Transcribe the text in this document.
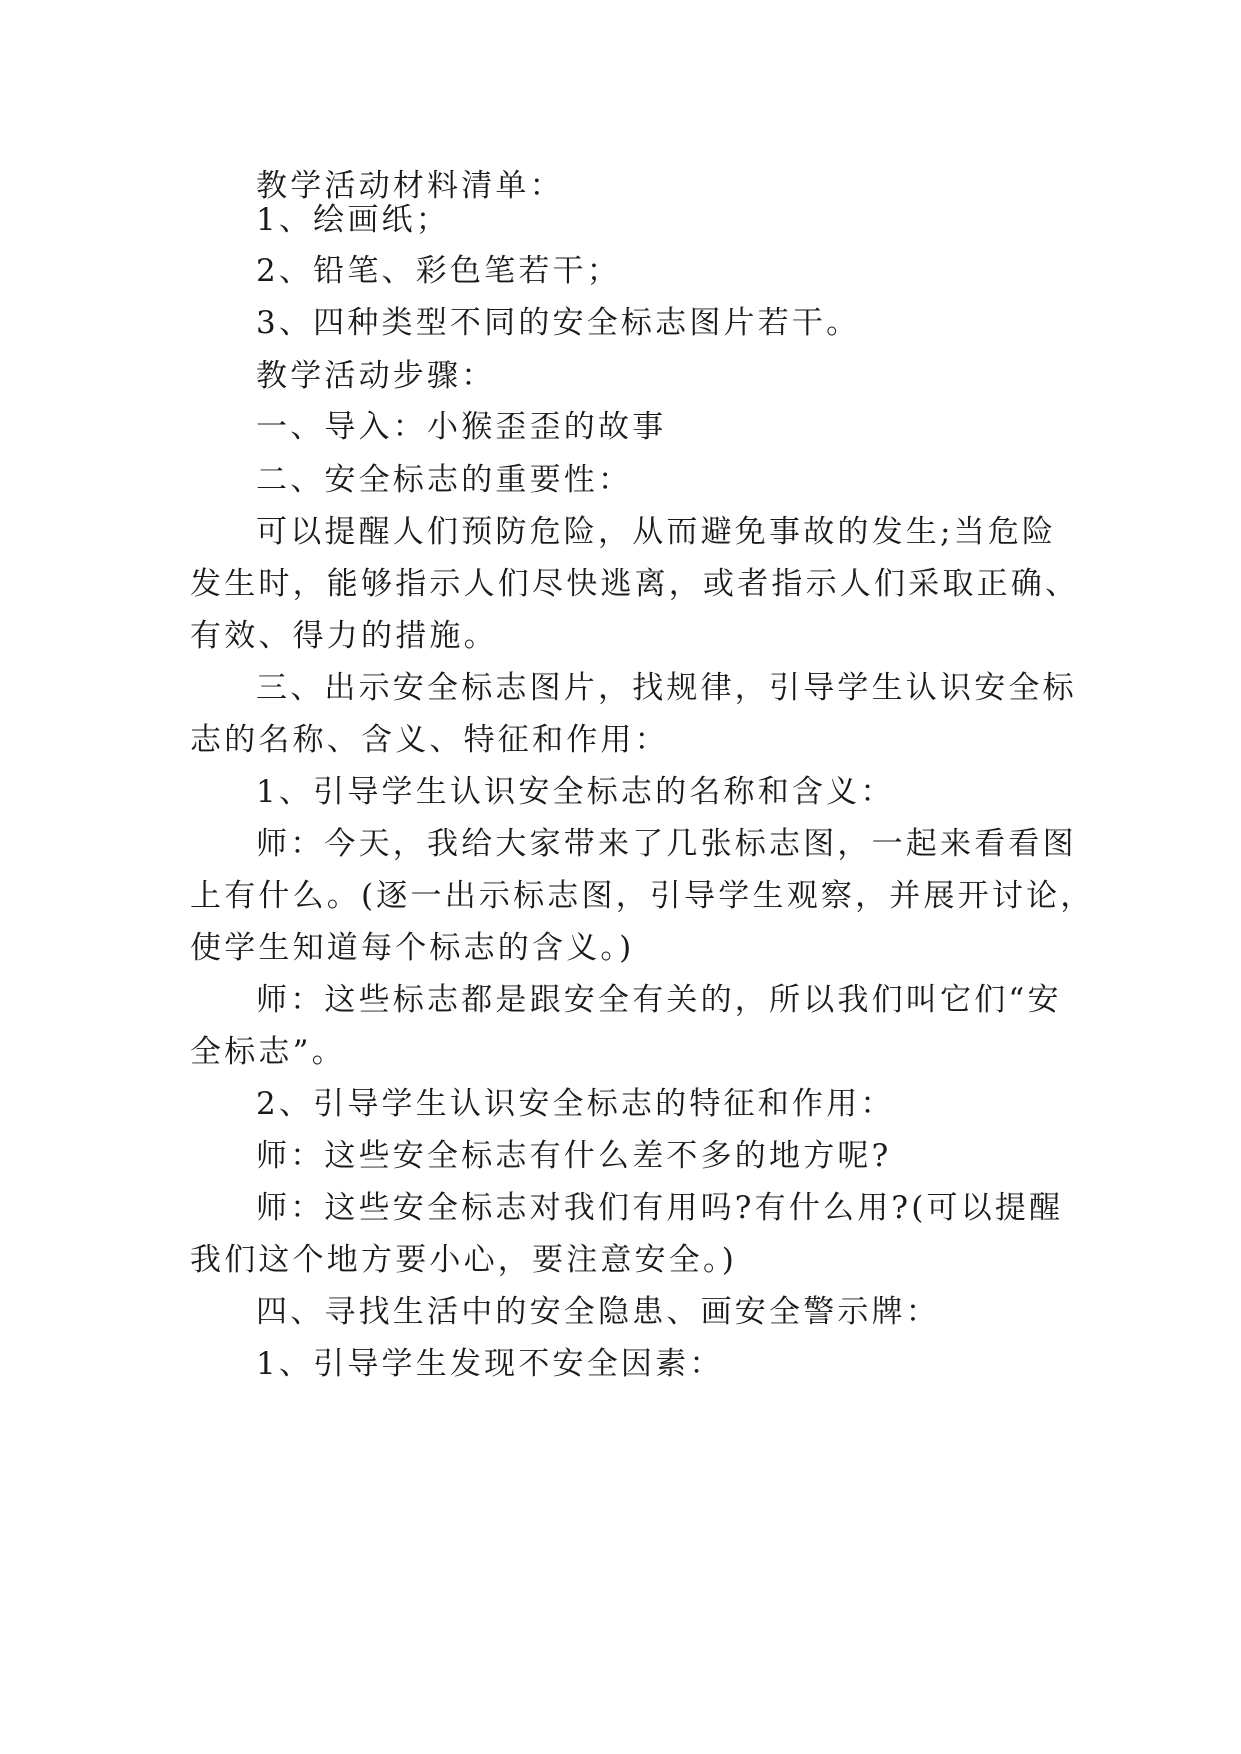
教学活动材料清单：
1、绘画纸；
2、铅笔、彩色笔若干；
3、四种类型不同的安全标志图片若干。
教学活动步骤：
一、导入：小猴歪歪的故事
二、安全标志的重要性：
可以提醒人们预防危险，从而避免事故的发生;当危险
发生时，能够指示人们尽快逃离，或者指示人们采取正确、
有效、得力的措施。
三、出示安全标志图片，找规律，引导学生认识安全标
志的名称、含义、特征和作用：
1、引导学生认识安全标志的名称和含义：
师：今天，我给大家带来了几张标志图，一起来看看图
上有什么。(逐一出示标志图，引导学生观察，并展开讨论，
使学生知道每个标志的含义。)
师：这些标志都是跟安全有关的，所以我们叫它们“安
全标志”。
2、引导学生认识安全标志的特征和作用：
师：这些安全标志有什么差不多的地方呢?
师：这些安全标志对我们有用吗?有什么用?(可以提醒
我们这个地方要小心，要注意安全。)
四、寻找生活中的安全隐患、画安全警示牌：
1、引导学生发现不安全因素：
